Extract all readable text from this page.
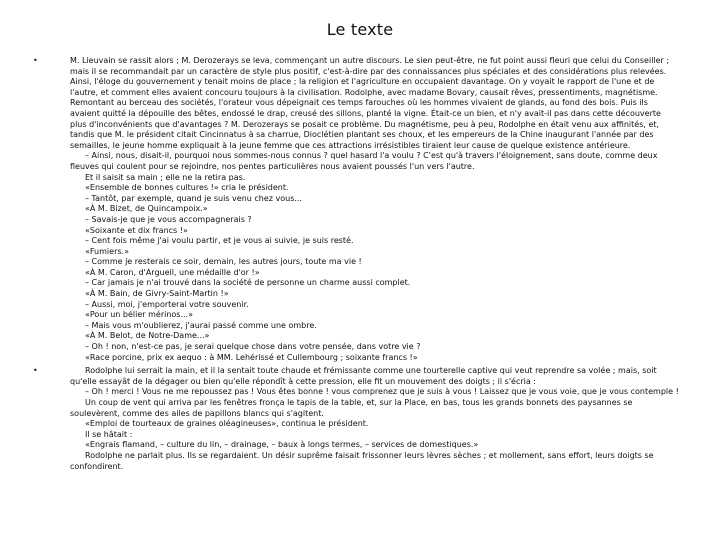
Le texte
•	M. Lieuvain se rassit alors ; M. Derozerays se leva, commençant un autre discours. Le sien peut-être, ne fut point aussi fleuri que celui du Conseiller ;
mais il se recommandait par un caractère de style plus positif, c'est-à-dire par des connaissances plus spéciales et des considérations plus relevées.
Ainsi, l'éloge du gouvernement y tenait moins de place ; la religion et l'agriculture en occupaient davantage. On y voyait le rapport de l'une et de
l'autre, et comment elles avaient concouru toujours à la civilisation. Rodolphe, avec madame Bovary, causait rêves, pressentiments, magnétisme.
Remontant au berceau des sociétés, l'orateur vous dépeignait ces temps farouches où les hommes vivaient de glands, au fond des bois. Puis ils
avaient quitté la dépouille des bêtes, endossé le drap, creusé des sillons, planté la vigne. Était-ce un bien, et n'y avait-il pas dans cette découverte
plus d'inconvénients que d'avantages ? M. Derozerays se posait ce problème. Du magnétisme, peu à peu, Rodolphe en était venu aux affinités, et,
tandis que M. le président citait Cincinnatus à sa charrue, Dioclétien plantant ses choux, et les empereurs de la Chine inaugurant l'année par des
semailles, le jeune homme expliquait à la jeune femme que ces attractions irrésistibles tiraient leur cause de quelque existence antérieure.
– Ainsi, nous, disait-il, pourquoi nous sommes-nous connus ? quel hasard l'a voulu ? C'est qu'à travers l'éloignement, sans doute, comme deux
fleuves qui coulent pour se rejoindre, nos pentes particulières nous avaient poussés l'un vers l'autre.
Et il saisit sa main ; elle ne la retira pas.
«Ensemble de bonnes cultures !» cria le président.
– Tantôt, par exemple, quand je suis venu chez vous...
«À M. Bizet, de Quincampoix.»
– Savais-je que je vous accompagnerais ?
«Soixante et dix francs !»
– Cent fois même j'ai voulu partir, et je vous ai suivie, je suis resté.
«Fumiers.»
– Comme je resterais ce soir, demain, les autres jours, toute ma vie !
«À M. Caron, d'Argueil, une médaille d'or !»
– Car jamais je n'ai trouvé dans la société de personne un charme aussi complet.
«À M. Bain, de Givry-Saint-Martin !»
– Aussi, moi, j'emporterai votre souvenir.
«Pour un bélier mérinos...»
– Mais vous m'oublierez, j'aurai passé comme une ombre.
«À M. Belot, de Notre-Dame...»
– Oh ! non, n'est-ce pas, je serai quelque chose dans votre pensée, dans votre vie ?
«Race porcine, prix ex aequo : à MM. Lehérissé et Cullembourg ; soixante francs !»
•	Rodolphe lui serrait la main, et il la sentait toute chaude et frémissante comme une tourterelle captive qui veut reprendre sa volée ; mais, soit
qu'elle essayât de la dégager ou bien qu'elle répondît à cette pression, elle fit un mouvement des doigts ; il s'écria :
– Oh ! merci ! Vous ne me repoussez pas ! Vous êtes bonne ! vous comprenez que je suis à vous ! Laissez que je vous voie, que je vous contemple !
Un coup de vent qui arriva par les fenêtres fronça le tapis de la table, et, sur la Place, en bas, tous les grands bonnets des paysannes se
soulevèrent, comme des ailes de papillons blancs qui s'agitent.
«Emploi de tourteaux de graines oléagineuses», continua le président.
Il se hâtait :
«Engrais flamand, – culture du lin, – drainage, – baux à longs termes, – services de domestiques.»
Rodolphe ne parlait plus. Ils se regardaient. Un désir suprême faisait frissonner leurs lèvres sèches ; et mollement, sans effort, leurs doigts se
confondirent.
